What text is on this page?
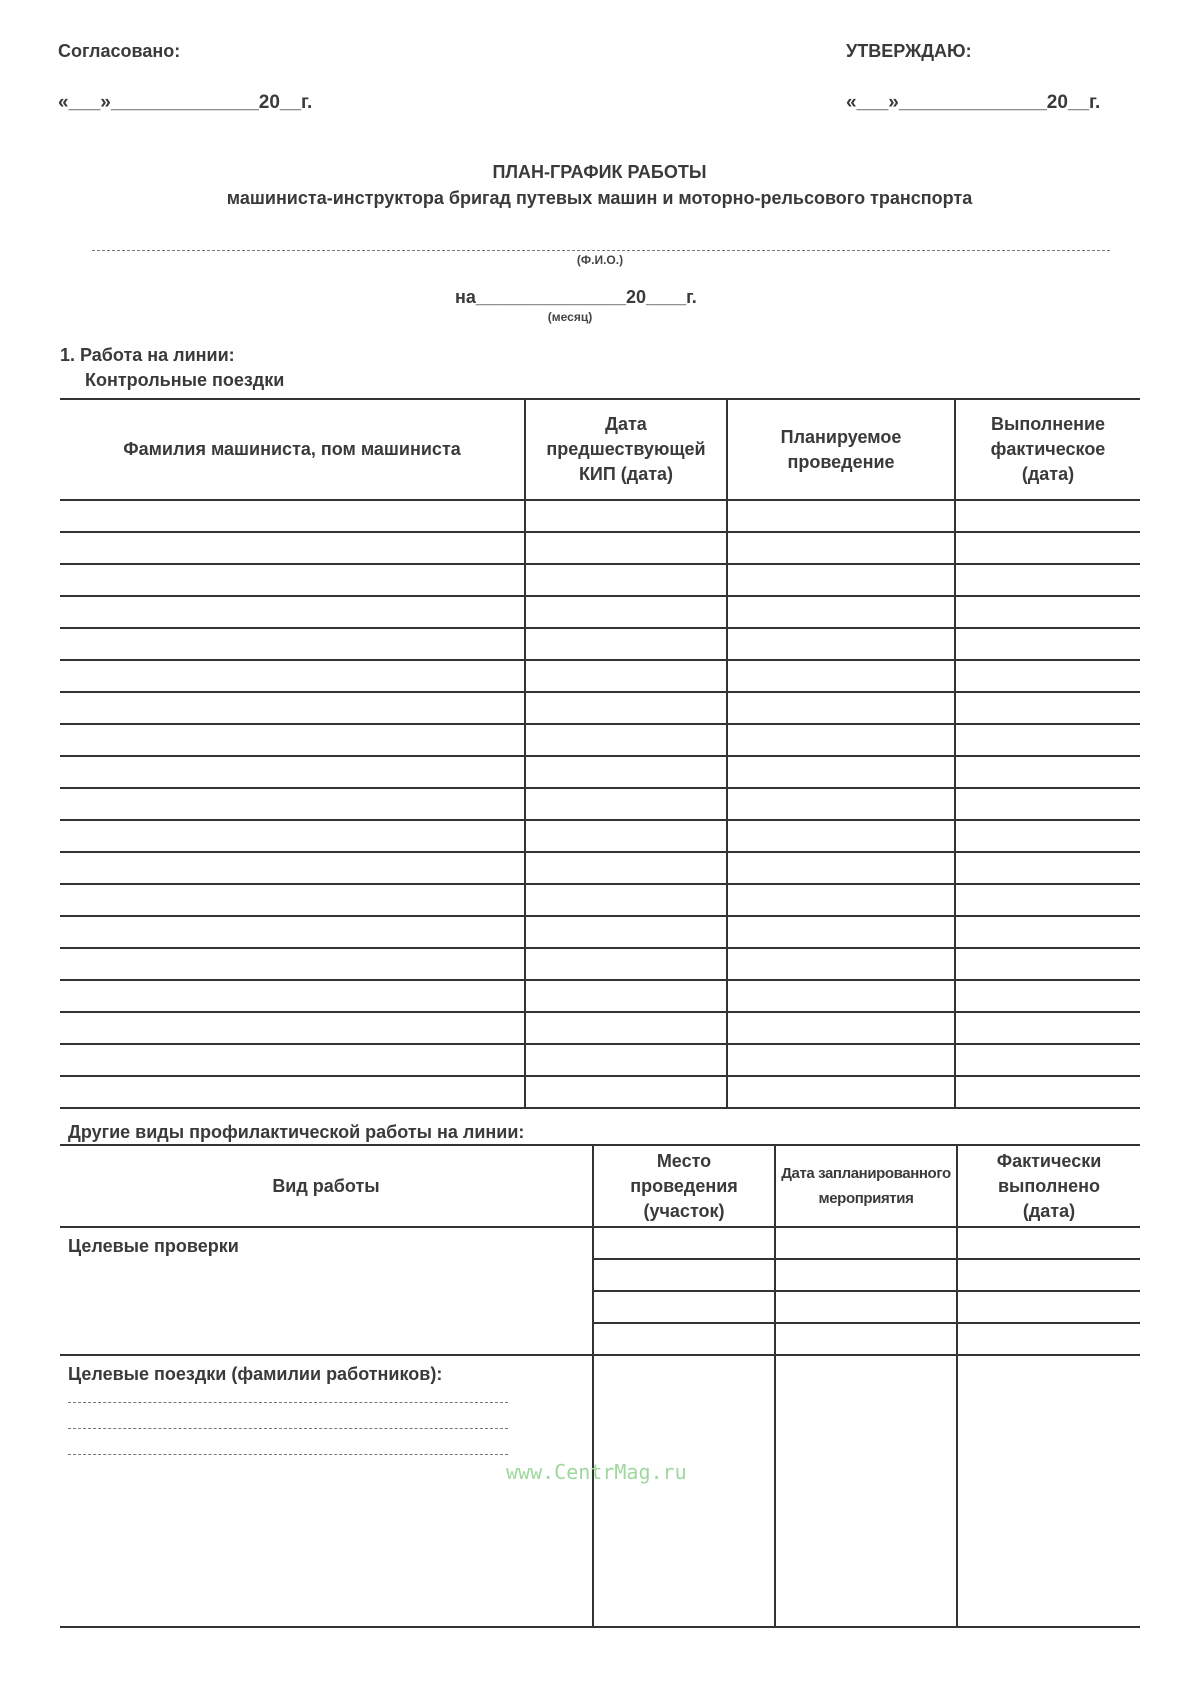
Согласовано:	УТВЕРЖДАЮ:
«___»______________20__г.	«___»______________20__г.
ПЛАН-ГРАФИК РАБОТЫ
машиниста-инструктора бригад путевых машин и моторно-рельсового транспорта
(Ф.И.О.)
на_______________20____г.
(месяц)
1. Работа на линии:
Контрольные поездки
Фамилия машиниста, пом машиниста	Дата предшествующей КИП (дата)	Планируемое проведение	Выполнение фактическое (дата)

Другие виды профилактической работы на линии:
Вид работы	Место проведения (участок)	Дата запланированного мероприятия	Фактически выполнено (дата)
Целевые проверки			

Целевые поездки (фамилии работников):			

www.CentrMag.ru
